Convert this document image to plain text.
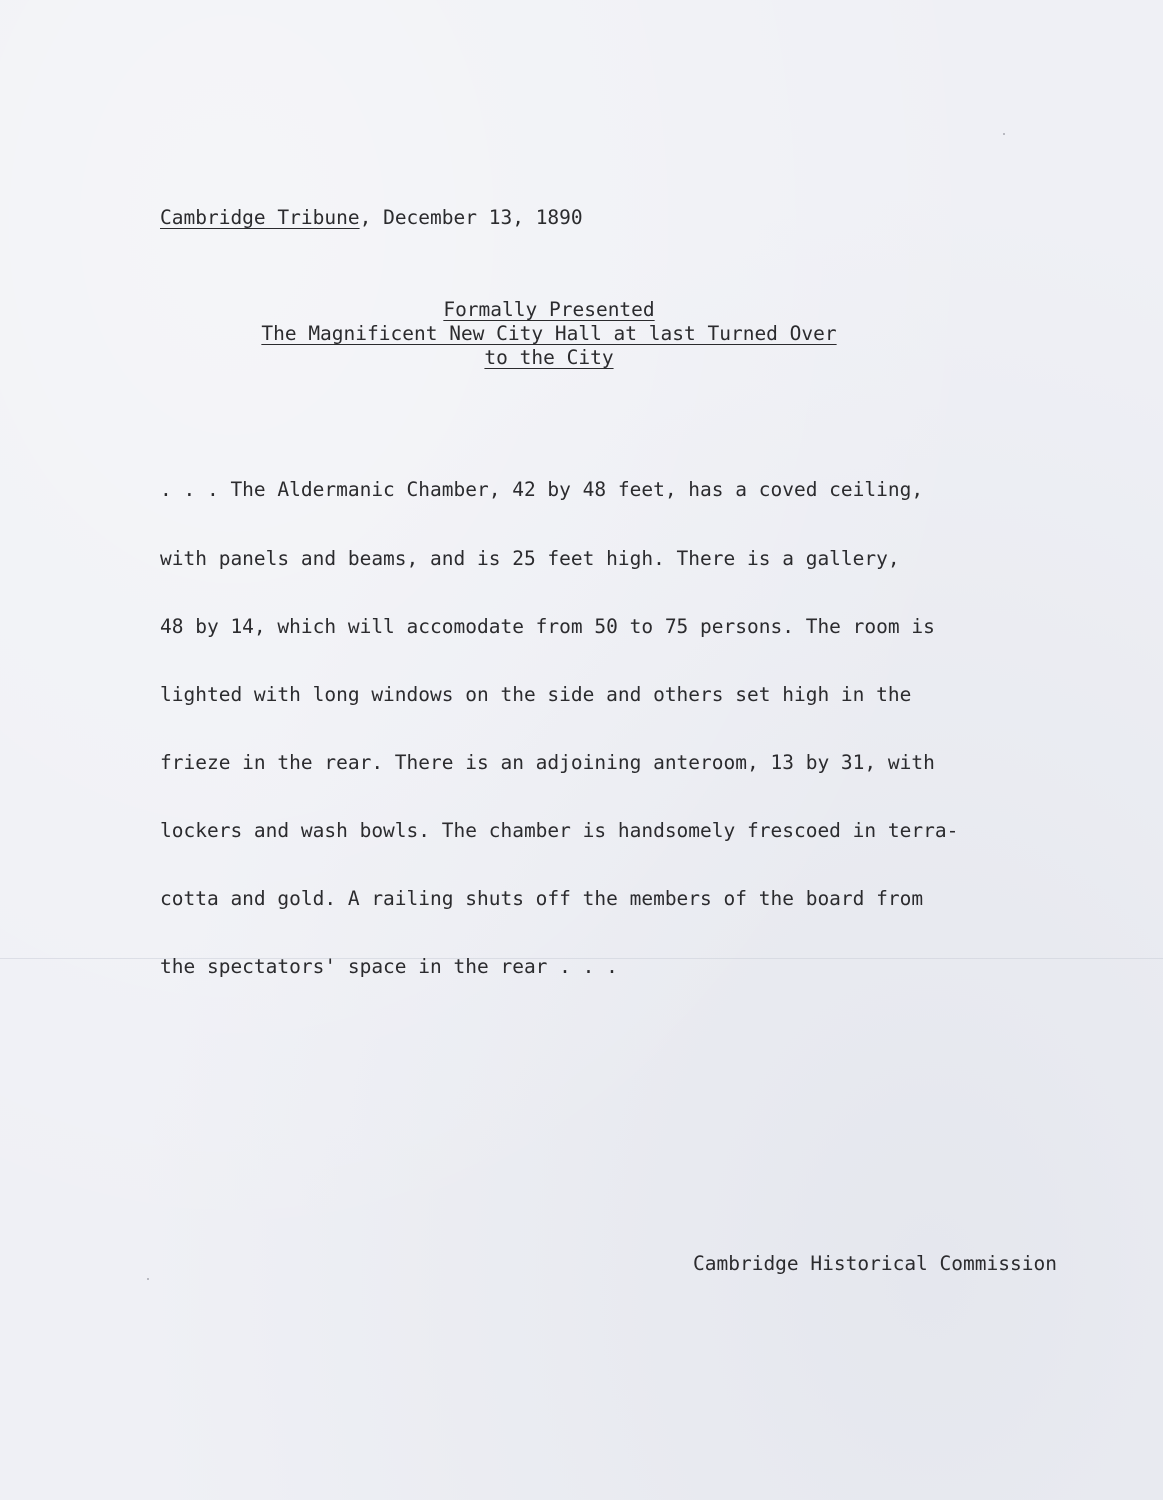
Cambridge Tribune, December 13, 1890
Formally Presented
The Magnificent New City Hall at last Turned Over
to the City

. . . The Aldermanic Chamber, 42 by 48 feet, has a coved ceiling,

with panels and beams, and is 25 feet high. There is a gallery,

48 by 14, which will accomodate from 50 to 75 persons. The room is

lighted with long windows on the side and others set high in the

frieze in the rear. There is an adjoining anteroom, 13 by 31, with

lockers and wash bowls. The chamber is handsomely frescoed in terra-

cotta and gold. A railing shuts off the members of the board from

the spectators' space in the rear . . .

Cambridge Historical Commission
